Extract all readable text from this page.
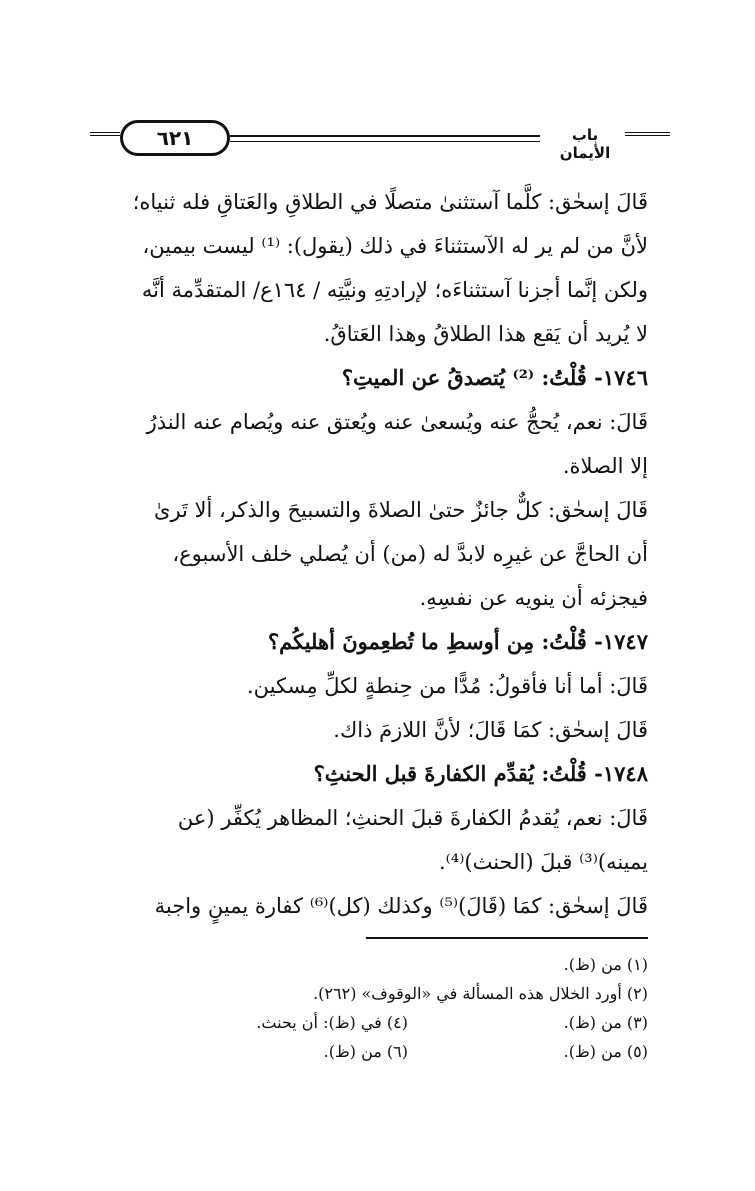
٦٢١	باب الأيمان

قَالَ إسحٰق: كلَّما آستثنىٰ متصلًا في الطلاقِ والعَتاقِ فله ثنياه؛

لأنَّ من لم ير له الآستثناءَ في ذلك (يقول): ⁽¹⁾ ليست بيمين،

ولكن إنَّما أجزنا آستثناءَه؛ لإرادتِهِ ونيَّتِه / ١٦٤ع/ المتقدِّمة أنَّه

لا يُريد أن يَقع هذا الطلاقُ وهذا العَتاقُ.

١٧٤٦- قُلْتُ: ⁽²⁾ يُتصدقُ عن الميتِ؟

قَالَ: نعم، يُحجُّ عنه ويُسعىٰ عنه ويُعتق عنه ويُصام عنه النذرُ

إلا الصلاة.

قَالَ إسحٰق: كلٌّ جائزٌ حتىٰ الصلاةَ والتسبيحَ والذكر، ألا تَرىٰ

أن الحاجَّ عن غيرِه لابدَّ له (من) أن يُصلي خلف الأسبوع،

فيجزئه أن ينويه عن نفسِهِ.

١٧٤٧- قُلْتُ: مِن أوسطِ ما تُطعِمونَ أهليكُم؟

قَالَ: أما أنا فأقولُ: مُدًّا من حِنطةٍ لكلِّ مِسكين.

قَالَ إسحٰق: كمَا قَالَ؛ لأنَّ اللازمَ ذاك.

١٧٤٨- قُلْتُ: يُقدِّم الكفارةَ قبل الحنثِ؟

قَالَ: نعم، يُقدمُ الكفارةَ قبلَ الحنثِ؛ المظاهر يُكفِّر (عن

يمينه)⁽³⁾ قبلَ (الحنث)⁽⁴⁾.

قَالَ إسحٰق: كمَا (قَالَ)⁽⁵⁾ وكذلك (كل)⁽⁶⁾ كفارة يمينٍ واجبة

(١) من (ظ).
(٢) أورد الخلال هذه المسألة في «الوقوف» (٢٦٢).
(٣) من (ظ).
(٤) في (ظ): أن يحنث.
(٥) من (ظ).
(٦) من (ظ).
